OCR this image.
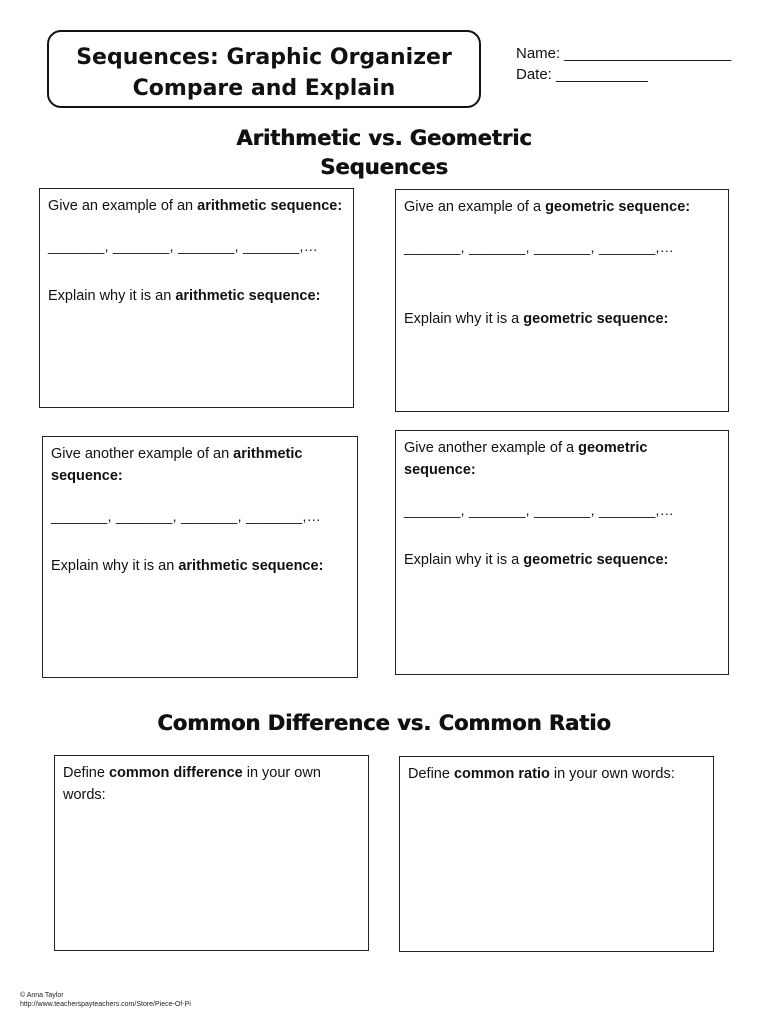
Sequences: Graphic Organizer
Compare and Explain
Name: ____________________
Date: ___________
Arithmetic vs. Geometric
Sequences
Give an example of an arithmetic sequence:
_______, _______, _______, _______,…
Explain why it is an arithmetic sequence:
Give an example of a geometric sequence:
_______, _______, _______, _______,…
Explain why it is a geometric sequence:
Give another example of an arithmetic sequence:
_______, _______, _______, _______,…
Explain why it is an arithmetic sequence:
Give another example of a geometric sequence:
_______, _______, _______, _______,…
Explain why it is a geometric sequence:
Common Difference vs. Common Ratio
Define common difference in your own words:
Define common ratio in your own words:
© Anna Taylor
http://www.teacherspayteachers.com/Store/Piece-Of-Pi
